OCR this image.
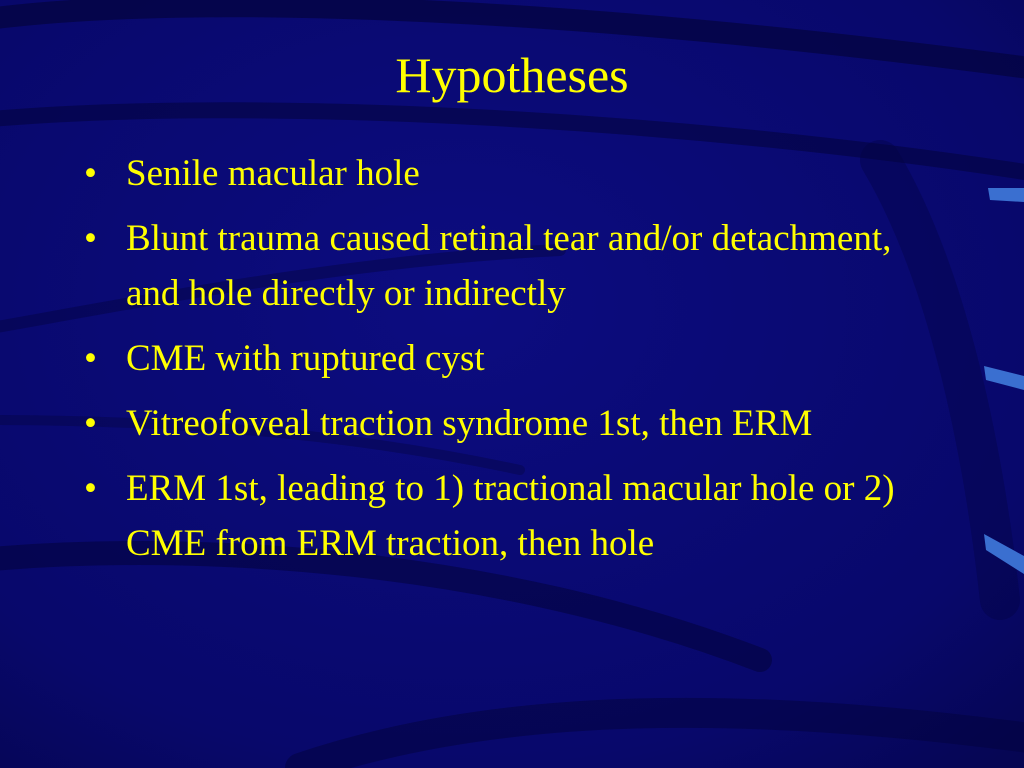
Hypotheses
• Senile macular hole
• Blunt trauma caused retinal tear and/or detachment, and hole directly or indirectly
• CME with ruptured cyst
• Vitreofoveal traction syndrome 1st, then ERM
• ERM 1st, leading to 1) tractional macular hole or 2) CME from ERM traction, then hole
